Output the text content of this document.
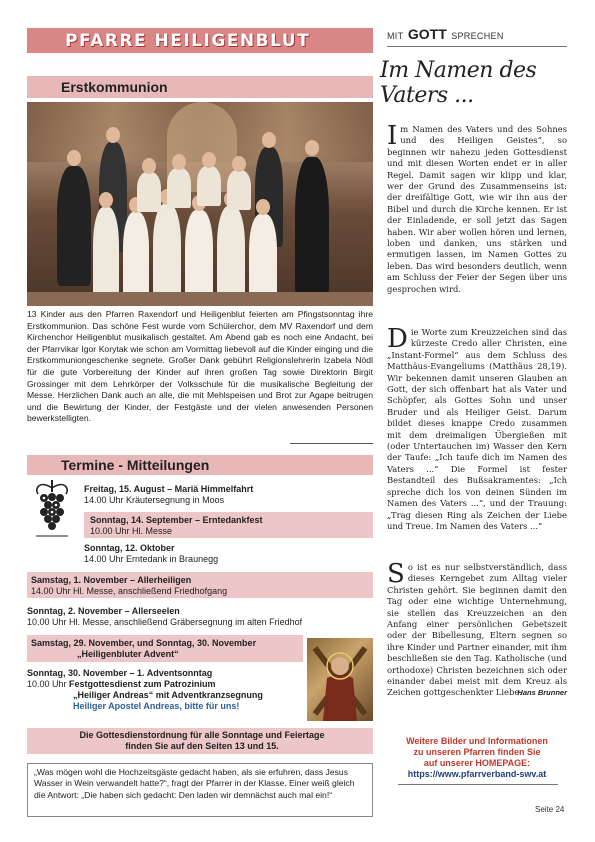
PFARRE HEILIGENBLUT
Erstkommunion
13 Kinder aus den Pfarren Raxendorf und Heiligenblut feierten am Pfingstsonntag ihre Erstkommunion. Das schöne Fest wurde vom Schülerchor, dem MV Raxendorf und dem Kirchenchor Heiligenblut musikalisch gestaltet. Am Abend gab es noch eine Andacht, bei der Pfarrvikar Igor Korytak wie schon am Vormittag liebevoll auf die Kinder einging und die Erstkommuniongeschenke segnete. Großer Dank gebührt Religionslehrerin Izabela Nödl für die gute Vorbereitung der Kinder auf ihren großen Tag sowie Direktorin Birgit Grossinger mit dem Lehrkörper der Volksschule für die musikalische Begleitung der Messe. Herzlichen Dank auch an alle, die mit Mehlspeisen und Brot zur Agape beitrugen und die Bewirtung der Kinder, der Festgäste und der vielen anwesenden Personen bewerkstelligten.
Termine - Mitteilungen
Freitag, 15. August – Mariä Himmelfahrt
14.00 Uhr Kräutersegnung in Moos
Sonntag, 14. September – Erntedankfest
10.00 Uhr Hl. Messe
Sonntag, 12. Oktober
14.00 Uhr Erntedank in Braunegg
Samstag, 1. November – Allerheiligen
14.00 Uhr Hl. Messe, anschließend Friedhofgang
Sonntag, 2. November – Allerseelen
10.00 Uhr Hl. Messe, anschließend Gräbersegnung im alten Friedhof
Samstag, 29. November, und Sonntag, 30. November
„Heiligenbluter Advent“
Sonntag, 30. November – 1. Adventsonntag
10.00 Uhr Festgottesdienst zum Patrozinium
„Heiliger Andreas“ mit Adventkranzsegnung
Heiliger Apostel Andreas, bitte für uns!
Die Gottesdienstordnung für alle Sonntage und Feiertage finden Sie auf den Seiten 13 und 15.
„Was mögen wohl die Hochzeitsgäste gedacht haben, als sie erfuhren, dass Jesus Wasser in Wein verwandelt hatte?“, fragt der Pfarrer in der Klasse. Einer weiß gleich die Antwort: „Die haben sich gedacht: Den laden wir demnächst auch mal ein!“
MIT GOTT SPRECHEN
Im Namen des Vaters ...
Im Namen des Vaters und des Sohnes und des Heiligen Geistes“, so beginnen wir nahezu jeden Gottesdienst und mit diesen Worten endet er in aller Regel. Damit sagen wir klipp und klar, wer der Grund des Zusammenseins ist: der dreifältige Gott, wie wir ihn aus der Bibel und durch die Kirche kennen. Er ist der Einladende, er soll jetzt das Sagen haben. Wir aber wollen hören und lernen, loben und danken, uns stärken und ermutigen lassen, im Namen Gottes zu leben. Das wird besonders deutlich, wenn am Schluss der Feier der Segen über uns gesprochen wird.
Die Worte zum Kreuzzeichen sind das kürzeste Credo aller Christen, eine „Instant-Formel“ aus dem Schluss des Matthäus-Evangeliums (Matthäus 28,19). Wir bekennen damit unseren Glauben an Gott, der sich offenbart hat als Vater und Schöpfer, als Gottes Sohn und unser Bruder und als Heiliger Geist. Darum bildet dieses knappe Credo zusammen mit dem dreimaligen Übergießen mit (oder Untertauchen im) Wasser den Kern der Taufe: „Ich taufe dich im Namen des Vaters ...“ Die Formel ist fester Bestandteil des Bußsakramentes: „Ich spreche dich los von deinen Sünden im Namen des Vaters ...“, und der Trauung: „Trag diesen Ring als Zeichen der Liebe und Treue. Im Namen des Vaters ...“
So ist es nur selbstverständlich, dass dieses Kerngebet zum Alltag vieler Christen gehört. Sie beginnen damit den Tag oder eine wichtige Unternehmung, sie stellen das Kreuzzeichen an den Anfang einer persönlichen Gebetszeit oder der Bibellesung, Eltern segnen so ihre Kinder und Partner einander, mit ihm beschließen sie den Tag. Katholische (und orthodoxe) Christen bezeichnen sich oder einander dabei meist mit dem Kreuz als Zeichen gottgeschenkter Liebe.
Hans Brunner
Weitere Bilder und Informationen
zu unseren Pfarren finden Sie
auf unserer HOMEPAGE:
https://www.pfarrverband-swv.at
Seite 24
